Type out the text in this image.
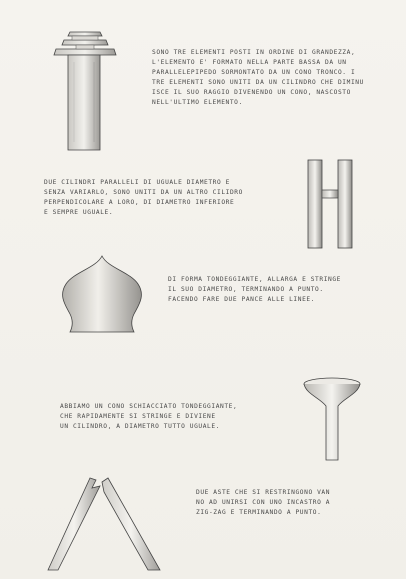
SONO TRE ELEMENTI POSTI IN ORDINE DI GRANDEZZA,
L'ELEMENTO E' FORMATO NELLA PARTE BASSA DA UN
PARALLELEPIPEDO SORMONTATO DA UN CONO TRONCO. I
TRE ELEMENTI SONO UNITI DA UN CILINDRO CHE DIMINU
ISCE IL SUO RAGGIO DIVENENDO UN CONO, NASCOSTO
NELL'ULTIMO ELEMENTO.
DUE CILINDRI PARALLELI DI UGUALE DIAMETRO E
SENZA VARIARLO, SONO UNITI DA UN ALTRO CILIDRO
PERPENDICOLARE A LORO, DI DIAMETRO INFERIORE
E SEMPRE UGUALE.
DI FORMA TONDEGGIANTE, ALLARGA E STRINGE
IL SUO DIAMETRO, TERMINANDO A PUNTO.
FACENDO FARE DUE PANCE ALLE LINEE.
ABBIAMO UN CONO SCHIACCIATO TONDEGGIANTE,
CHE RAPIDAMENTE SI STRINGE E DIVIENE
UN CILINDRO, A DIAMETRO TUTTO UGUALE.
DUE ASTE CHE SI RESTRINGONO VAN
NO AD UNIRSI CON UNO INCASTRO A
ZIG-ZAG E TERMINANDO A PUNTO.
